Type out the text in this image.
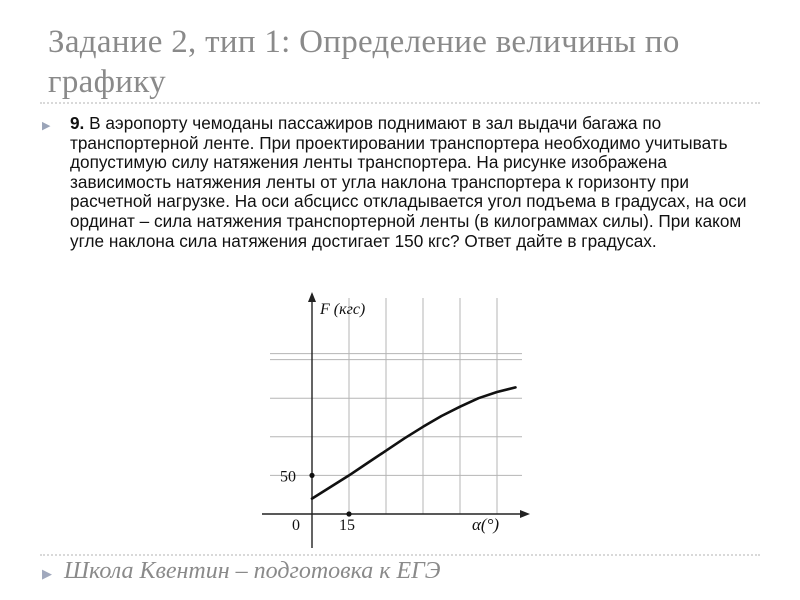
Задание 2, тип 1: Определение величины по графику
▶ 9. В аэропорту чемоданы пассажиров поднимают в зал выдачи багажа по транспортерной ленте. При проектировании транспортера необходимо учитывать допустимую силу натяжения ленты транспортера. На рисунке изображена зависимость натяжения ленты от угла наклона транспортера к горизонту при расчетной нагрузке. На оси абсцисс откладывается угол подъема в градусах, на оси ординат – сила натяжения транспортерной ленты (в килограммах силы). При каком угле наклона сила натяжения достигает 150 кгс? Ответ дайте в градусах.
F (кгс)
α(°)
0
50
15
▶ Школа Квентин – подготовка к ЕГЭ
